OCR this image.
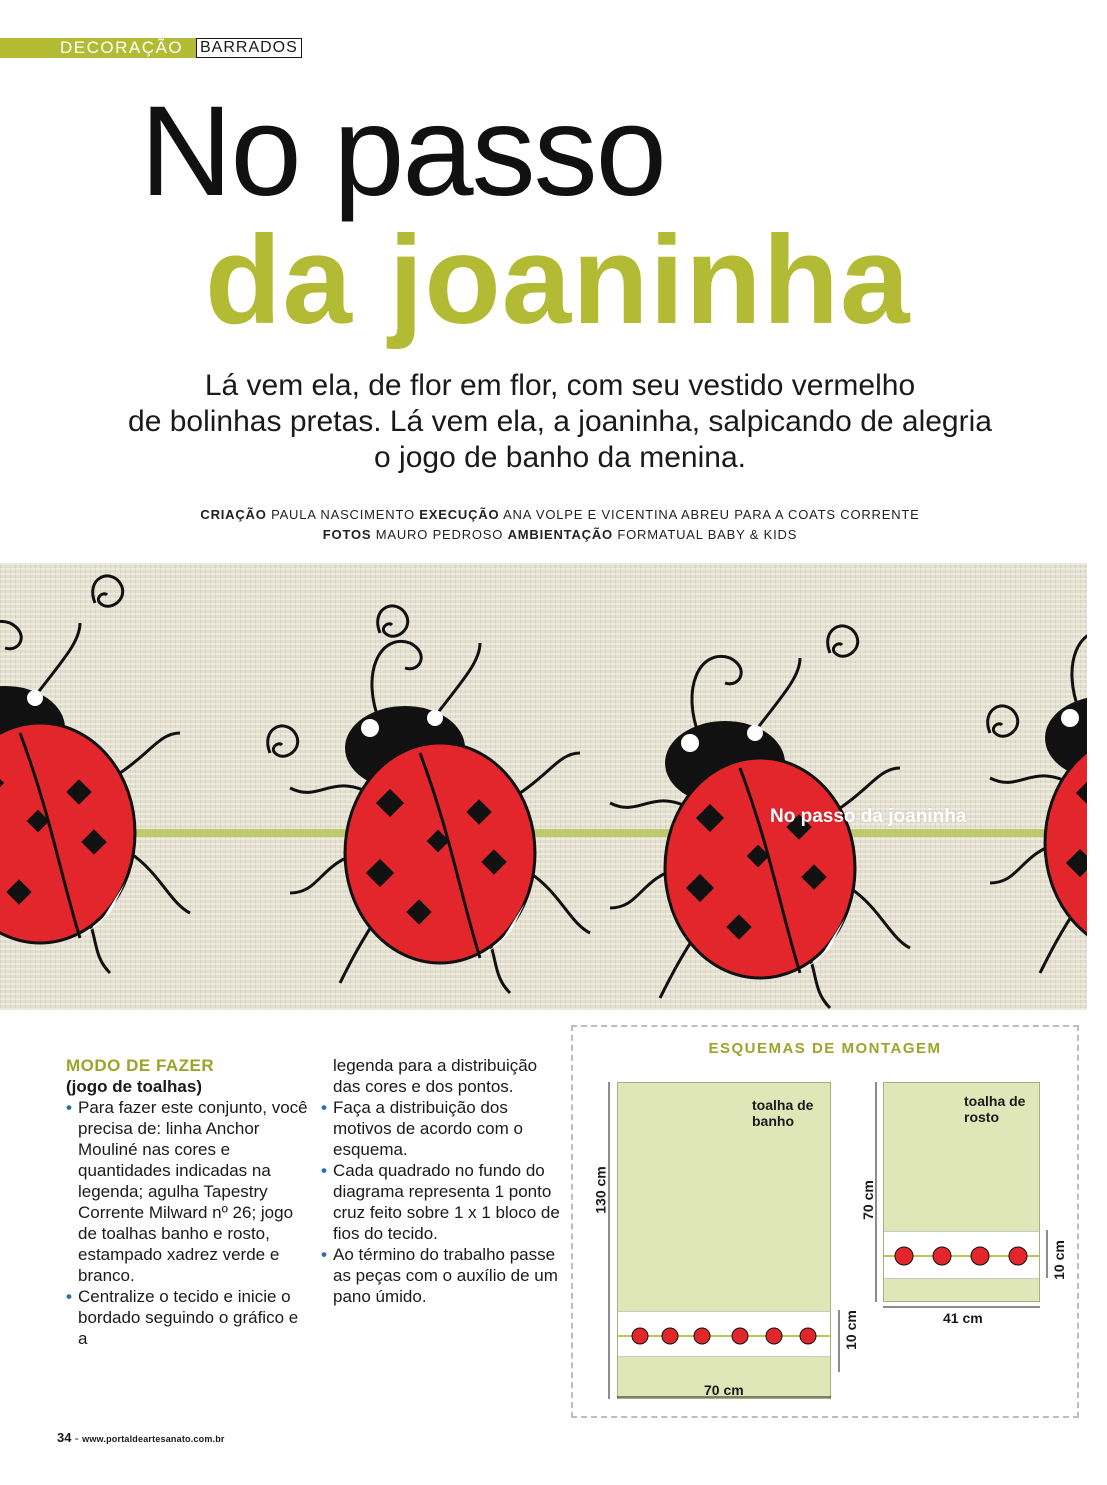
DECORAÇÃO	BARRADOS
No passo
da joaninha
Lá vem ela, de flor em flor, com seu vestido vermelho
de bolinhas pretas. Lá vem ela, a joaninha, salpicando de alegria
o jogo de banho da menina.
CRIAÇÃO PAULA NASCIMENTO EXECUÇÃO ANA VOLPE E VICENTINA ABREU PARA A COATS CORRENTE
FOTOS MAURO PEDROSO AMBIENTAÇÃO FORMATUAL BABY & KIDS
No passo da joaninha
MODO DE FAZER
(jogo de toalhas)
• Para fazer este conjunto, você precisa de: linha Anchor Mouliné nas cores e quantidades indicadas na legenda; agulha Tapestry Corrente Milward nº 26; jogo de toalhas banho e rosto, estampado xadrez verde e branco.
• Centralize o tecido e inicie o bordado seguindo o gráfico e a

legenda para a distribuição das cores e dos pontos.

• Faça a distribuição dos motivos de acordo com o esquema.
• Cada quadrado no fundo do diagrama representa 1 ponto cruz feito sobre 1 x 1 bloco de fios do tecido.
• Ao término do trabalho passe as peças com o auxílio de um pano úmido.
ESQUEMAS DE MONTAGEM
toalha de
banho
130 cm
10 cm
70 cm
toalha de
rosto
70 cm
10 cm
41 cm
34 - www.portaldeartesanato.com.br
